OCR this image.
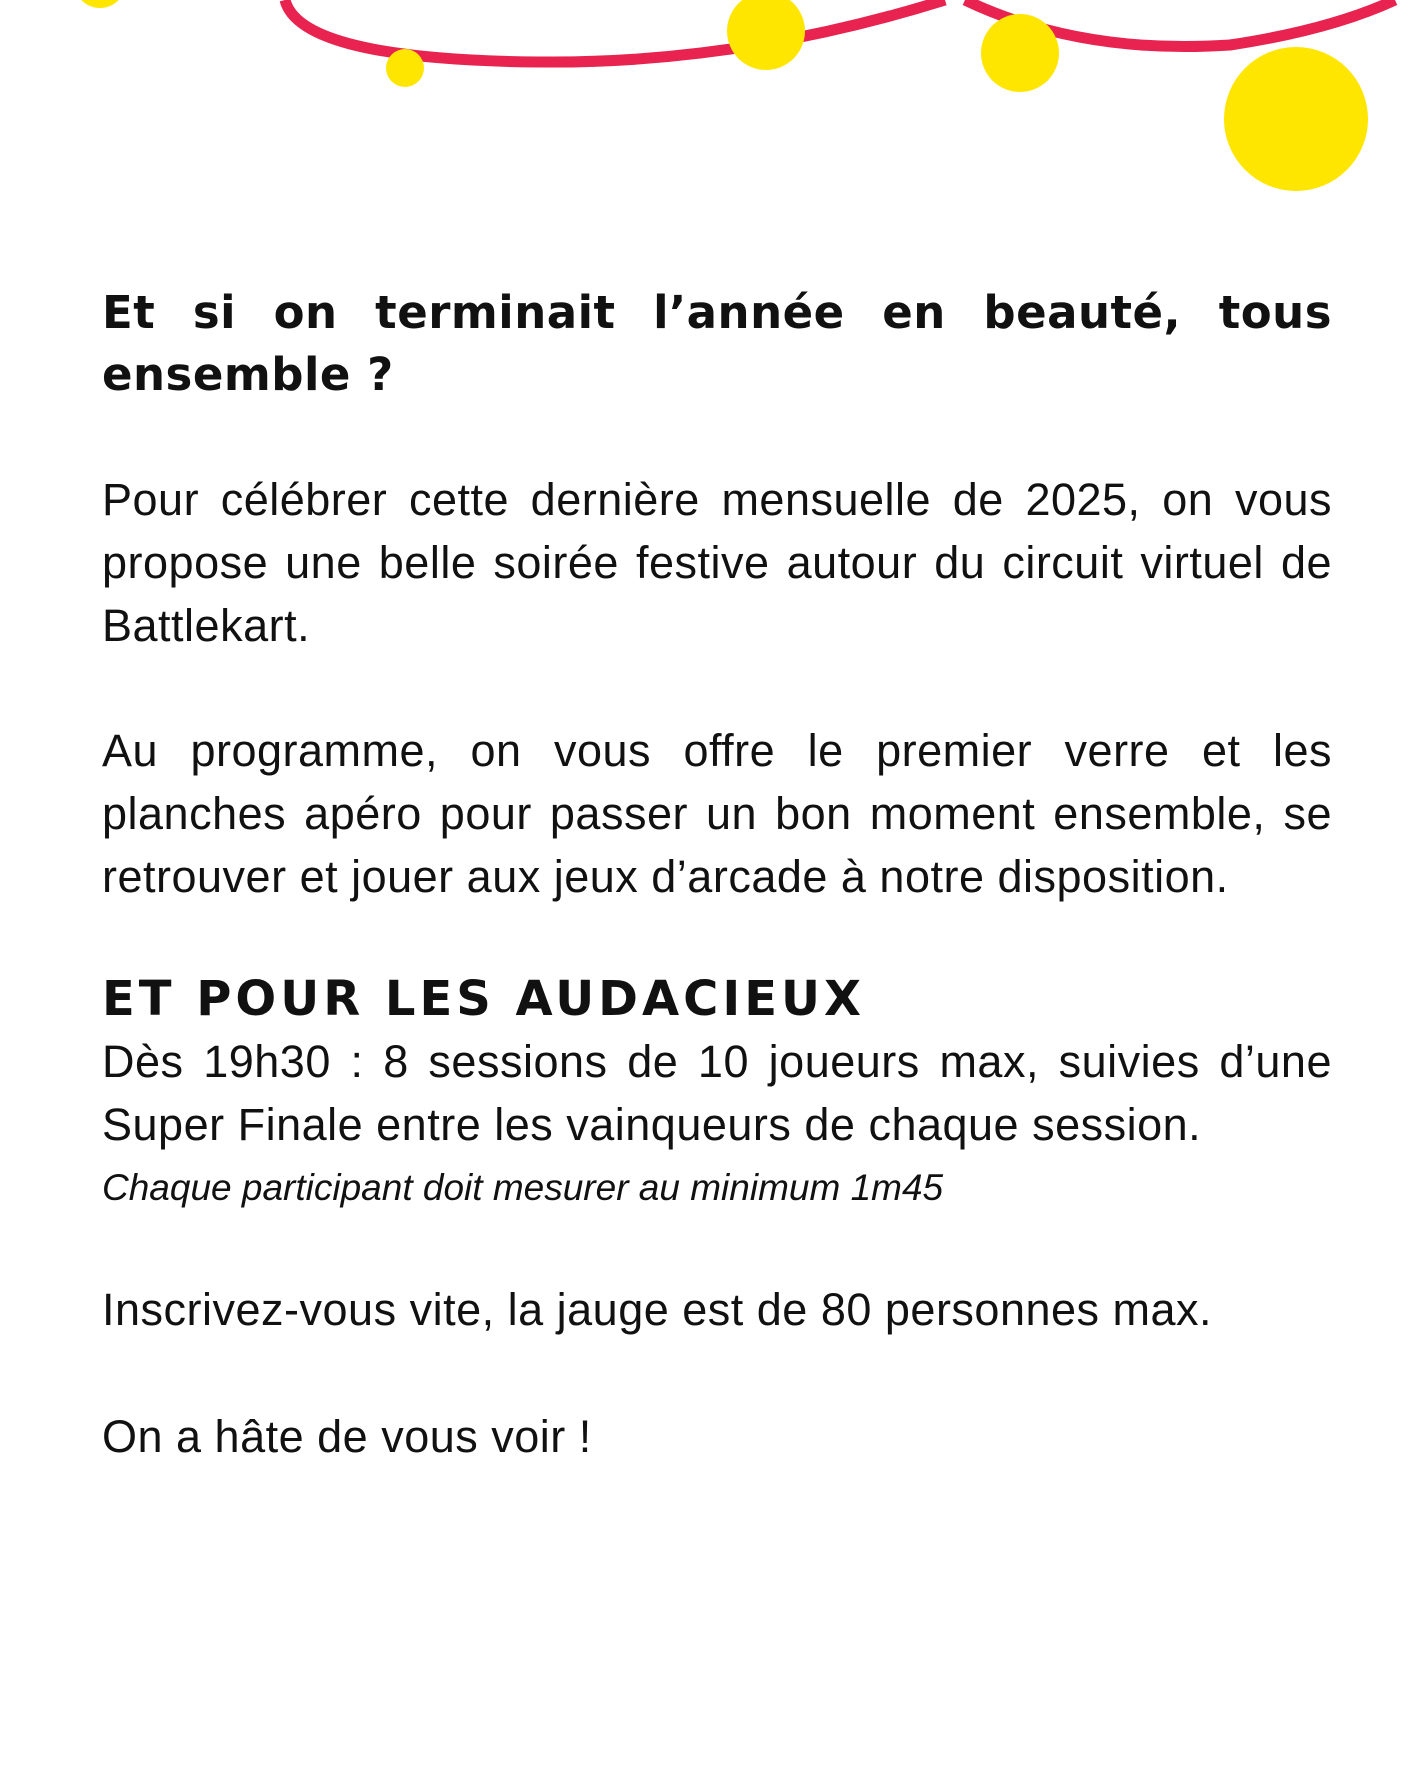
Et si on terminait l’année en beauté, tous ensemble ?

Pour célébrer cette dernière mensuelle de 2025, on vous propose une belle soirée festive autour du circuit virtuel de Battlekart.

Au programme, on vous offre le premier verre et les planches apéro pour passer un bon moment ensemble, se retrouver et jouer aux jeux d’arcade à notre disposition.

ET POUR LES AUDACIEUX

Dès 19h30 : 8 sessions de 10 joueurs max, suivies d’une Super Finale entre les vainqueurs de chaque session.

Chaque participant doit mesurer au minimum 1m45

Inscrivez-vous vite, la jauge est de 80 personnes max.

On a hâte de vous voir !
